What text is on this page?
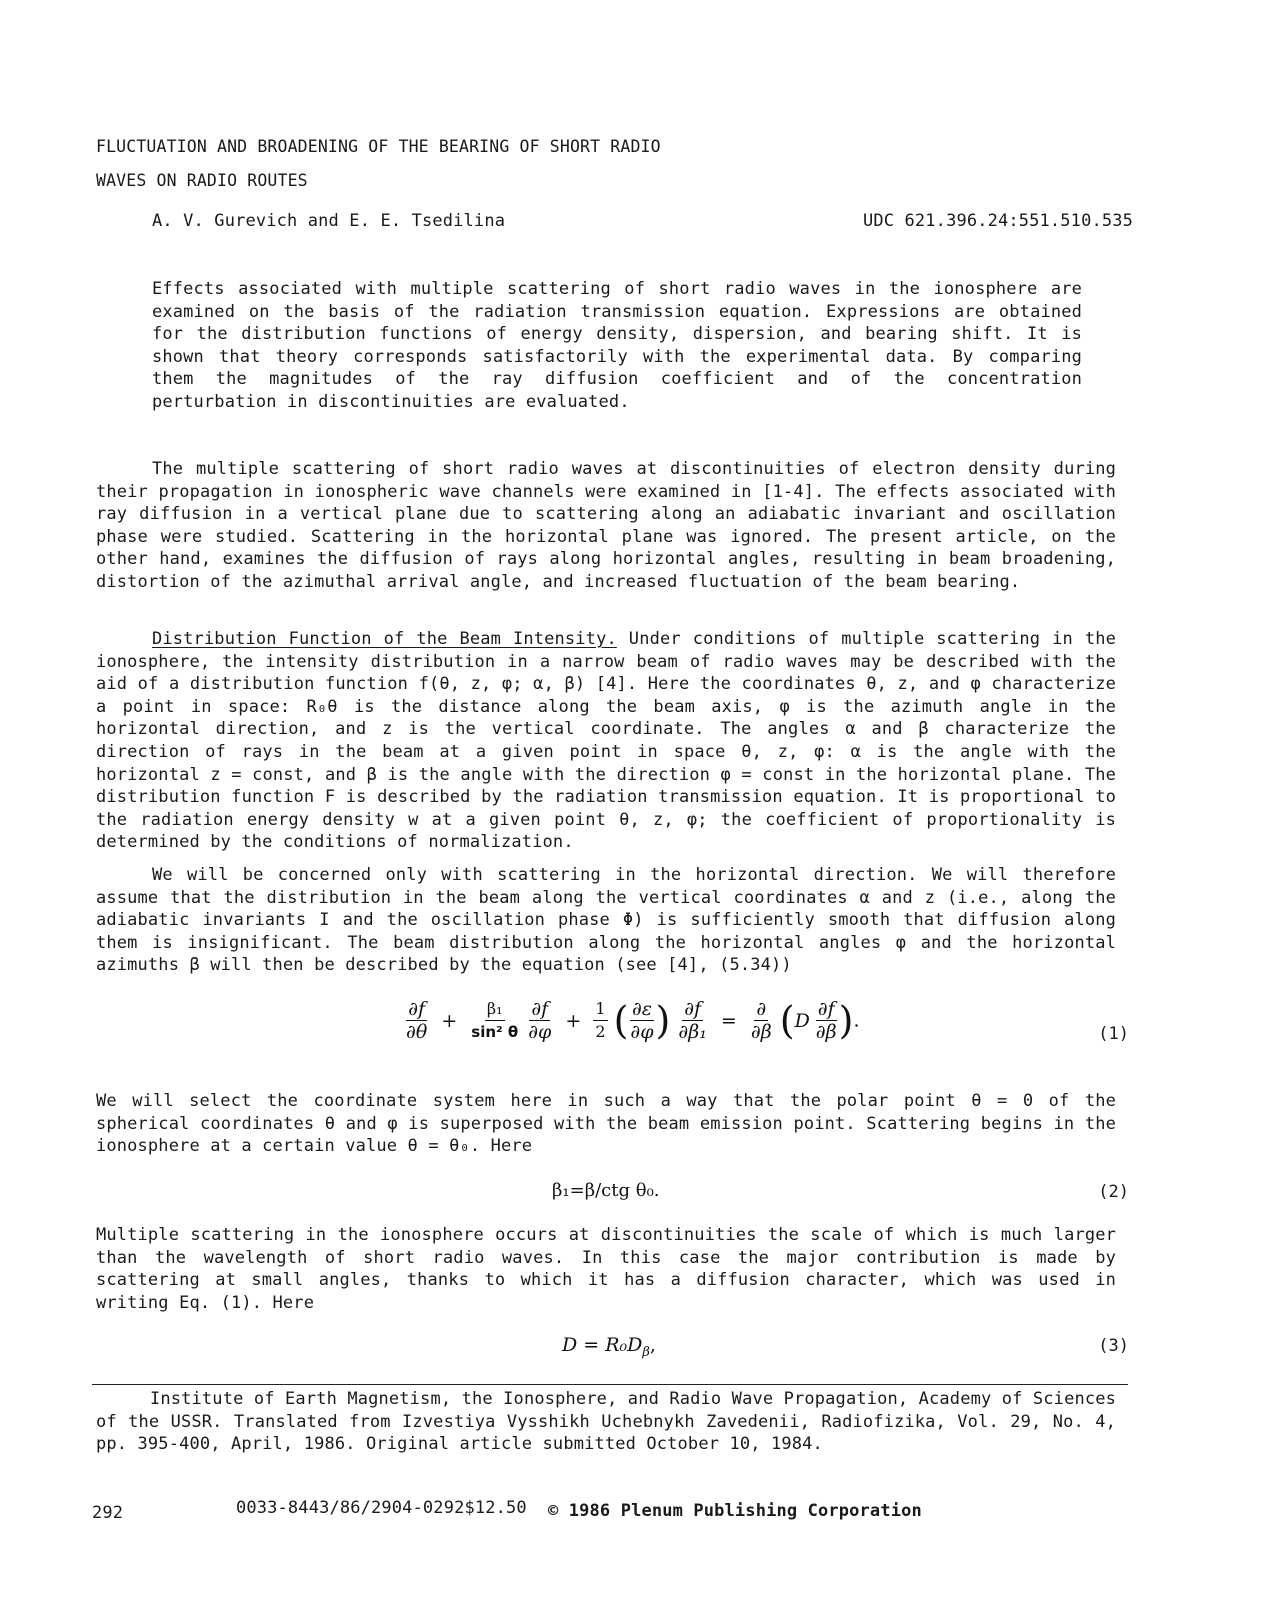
FLUCTUATION AND BROADENING OF THE BEARING OF SHORT RADIO
WAVES ON RADIO ROUTES
A. V. Gurevich and E. E. Tsedilina	UDC 621.396.24:551.510.535
Effects associated with multiple scattering of short radio waves in the ionosphere are examined on the basis of the radiation transmission equation. Expressions are obtained for the distribution functions of energy density, dispersion, and bearing shift. It is shown that theory corresponds satisfactorily with the experimental data. By comparing them the magnitudes of the ray diffusion coefficient and of the concentration perturbation in discontinuities are evaluated.
The multiple scattering of short radio waves at discontinuities of electron density during their propagation in ionospheric wave channels were examined in [1-4]. The effects associated with ray diffusion in a vertical plane due to scattering along an adiabatic invariant and oscillation phase were studied. Scattering in the horizontal plane was ignored. The present article, on the other hand, examines the diffusion of rays along horizontal angles, resulting in beam broadening, distortion of the azimuthal arrival angle, and increased fluctuation of the beam bearing.
Distribution Function of the Beam Intensity. Under conditions of multiple scattering in the ionosphere, the intensity distribution in a narrow beam of radio waves may be described with the aid of a distribution function f(θ, z, φ; α, β) [4]. Here the coordinates θ, z, and φ characterize a point in space: R₀θ is the distance along the beam axis, φ is the azimuth angle in the horizontal direction, and z is the vertical coordinate. The angles α and β characterize the direction of rays in the beam at a given point in space θ, z, φ: α is the angle with the horizontal z = const, and β is the angle with the direction φ = const in the horizontal plane. The distribution function F is described by the radiation transmission equation. It is proportional to the radiation energy density w at a given point θ, z, φ; the coefficient of proportionality is determined by the conditions of normalization.
We will be concerned only with scattering in the horizontal direction. We will therefore assume that the distribution in the beam along the vertical coordinates α and z (i.e., along the adiabatic invariants I and the oscillation phase Φ) is sufficiently smooth that diffusion along them is insignificant. The beam distribution along the horizontal angles φ and the horizontal azimuths β will then be described by the equation (see [4], (5.34))
$\frac{\partial f}{\partial\theta} + \frac{\text{β₁}}{\text{sin² θ}}$
$\frac{\partial f}{\partial\varphi} + \frac{1}{2}$ ( $\frac{\partial\varepsilon}{\partial\varphi}$ ) $\frac{\partial f}{\text{∂β₁}} = \frac{\partial}{\partial\beta} (D \frac{\partial f}{\partial\beta}$ ).
(1)
We will select the coordinate system here in such a way that the polar point θ = 0 of the spherical coordinates θ and φ is superposed with the beam emission point. Scattering begins in the ionosphere at a certain value θ = θ₀. Here
β₁=β/ctg θ₀.	(2)
Multiple scattering in the ionosphere occurs at discontinuities the scale of which is much larger than the wavelength of short radio waves. In this case the major contribution is made by scattering at small angles, thanks to which it has a diffusion character, which was used in writing Eq. (1). Here
$D = R_0D_\beta$,	(3)
Institute of Earth Magnetism, the Ionosphere, and Radio Wave Propagation, Academy of Sciences of the USSR. Translated from Izvestiya Vysshikh Uchebnykh Zavedenii, Radiofizika, Vol. 29, No. 4, pp. 395-400, April, 1986. Original article submitted October 10, 1984.
292	0033-8443/86/2904-0292$12.50 © 1986 Plenum Publishing Corporation
